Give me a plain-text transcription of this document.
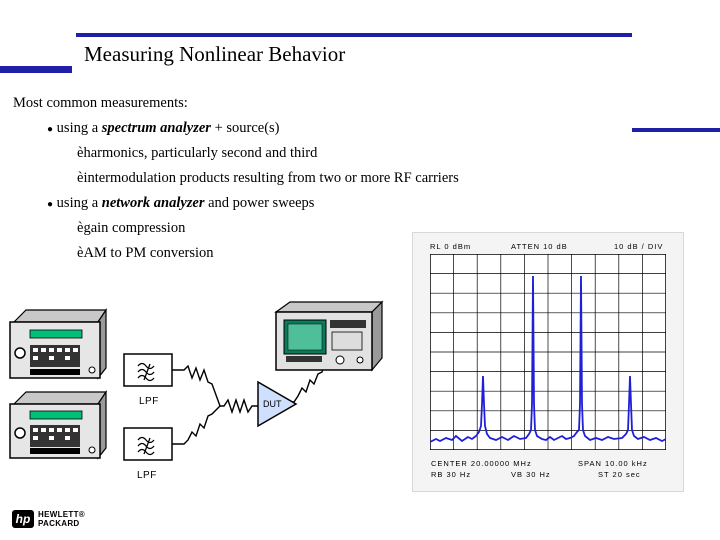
Measuring Nonlinear Behavior
Most common measurements:
● using a spectrum analyzer + source(s)
èharmonics, particularly second and third
èintermodulation products resulting from two or more RF carriers
● using a network analyzer and power sweeps
ègain compression
èAM to PM conversion
LPF
LPF
DUT
RL 0 dBm	ATTEN 10 dB	10 dB / DIV
CENTER 20.00000 MHz	SPAN 10.00 kHz
RB 30 Hz	VB 30 Hz	ST 20 sec
hp HEWLETT®
PACKARD
